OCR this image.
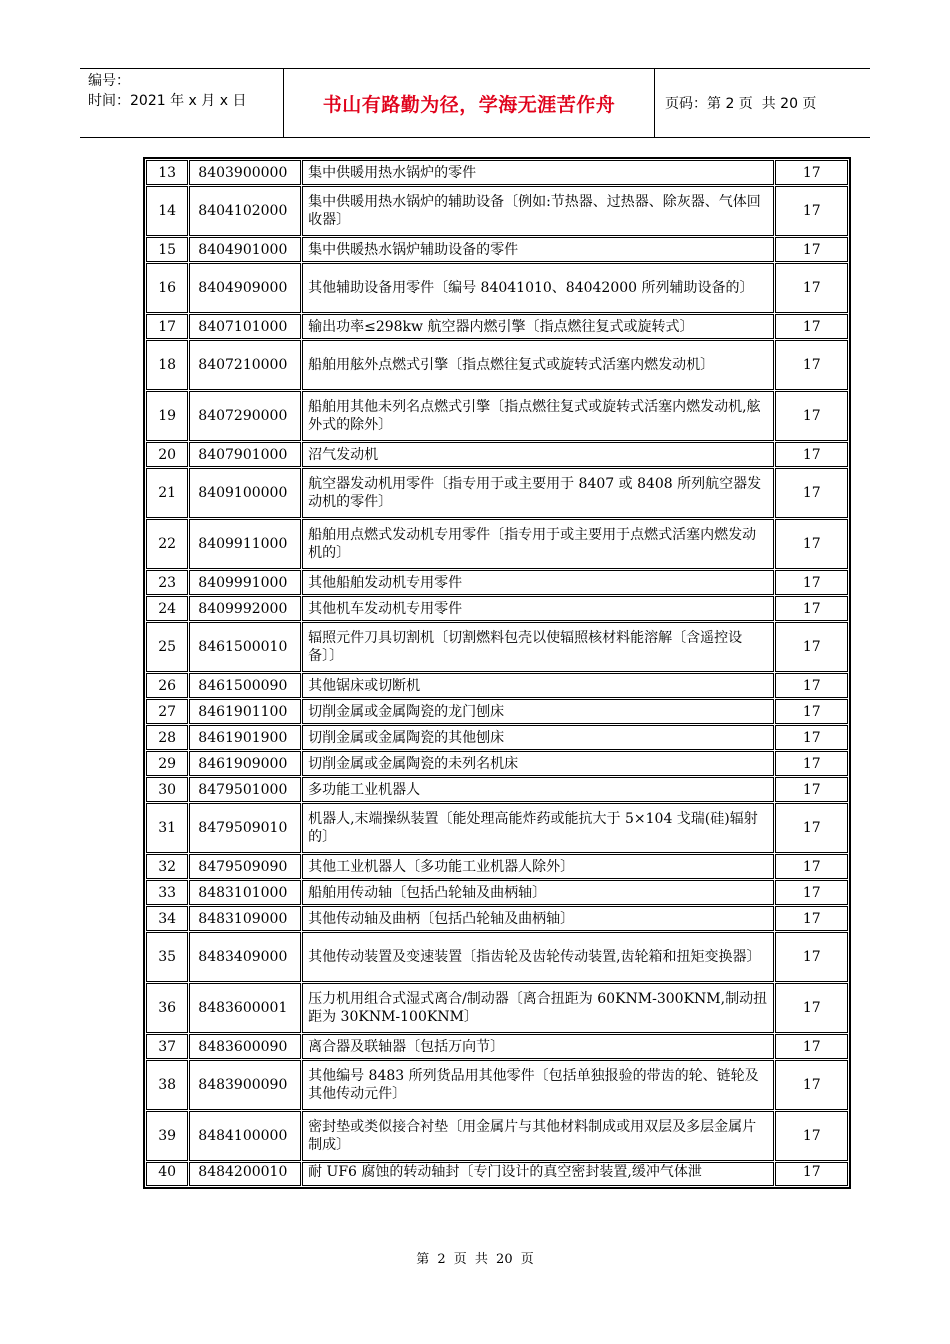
编号：
时间：2021 年 x 月 x 日	书山有路勤为径，学海无涯苦作舟	页码：第 2 页  共 20 页
13	8403900000	集中供暖用热水锅炉的零件	17
14	8404102000	集中供暖用热水锅炉的辅助设备〔例如:节热器、过热器、除灰器、气体回收器〕	17
15	8404901000	集中供暖热水锅炉辅助设备的零件	17
16	8404909000	其他辅助设备用零件〔编号 84041010、84042000 所列辅助设备的〕	17
17	8407101000	输出功率≤298kw 航空器内燃引擎〔指点燃往复式或旋转式〕	17
18	8407210000	船舶用舷外点燃式引擎〔指点燃往复式或旋转式活塞内燃发动机〕	17
19	8407290000	船舶用其他未列名点燃式引擎〔指点燃往复式或旋转式活塞内燃发动机,舷外式的除外〕	17
20	8407901000	沼气发动机	17
21	8409100000	航空器发动机用零件〔指专用于或主要用于 8407 或 8408 所列航空器发动机的零件〕	17
22	8409911000	船舶用点燃式发动机专用零件〔指专用于或主要用于点燃式活塞内燃发动机的〕	17
23	8409991000	其他船舶发动机专用零件	17
24	8409992000	其他机车发动机专用零件	17
25	8461500010	辐照元件刀具切割机〔切割燃料包壳以使辐照核材料能溶解〔含遥控设备〕〕	17
26	8461500090	其他锯床或切断机	17
27	8461901100	切削金属或金属陶瓷的龙门刨床	17
28	8461901900	切削金属或金属陶瓷的其他刨床	17
29	8461909000	切削金属或金属陶瓷的未列名机床	17
30	8479501000	多功能工业机器人	17
31	8479509010	机器人,末端操纵装置〔能处理高能炸药或能抗大于 5×104 戈瑞(硅)辐射的〕	17
32	8479509090	其他工业机器人〔多功能工业机器人除外〕	17
33	8483101000	船舶用传动轴〔包括凸轮轴及曲柄轴〕	17
34	8483109000	其他传动轴及曲柄〔包括凸轮轴及曲柄轴〕	17
35	8483409000	其他传动装置及变速装置〔指齿轮及齿轮传动装置,齿轮箱和扭矩变换器〕	17
36	8483600001	压力机用组合式湿式离合/制动器〔离合扭距为 60KNM-300KNM,制动扭距为 30KNM-100KNM〕	17
37	8483600090	离合器及联轴器〔包括万向节〕	17
38	8483900090	其他编号 8483 所列货品用其他零件〔包括单独报验的带齿的轮、链轮及其他传动元件〕	17
39	8484100000	密封垫或类似接合衬垫〔用金属片与其他材料制成或用双层及多层金属片制成〕	17
40	8484200010	耐 UF6 腐蚀的转动轴封〔专门设计的真空密封装置,缓冲气体泄	17
第 2 页 共 20 页
